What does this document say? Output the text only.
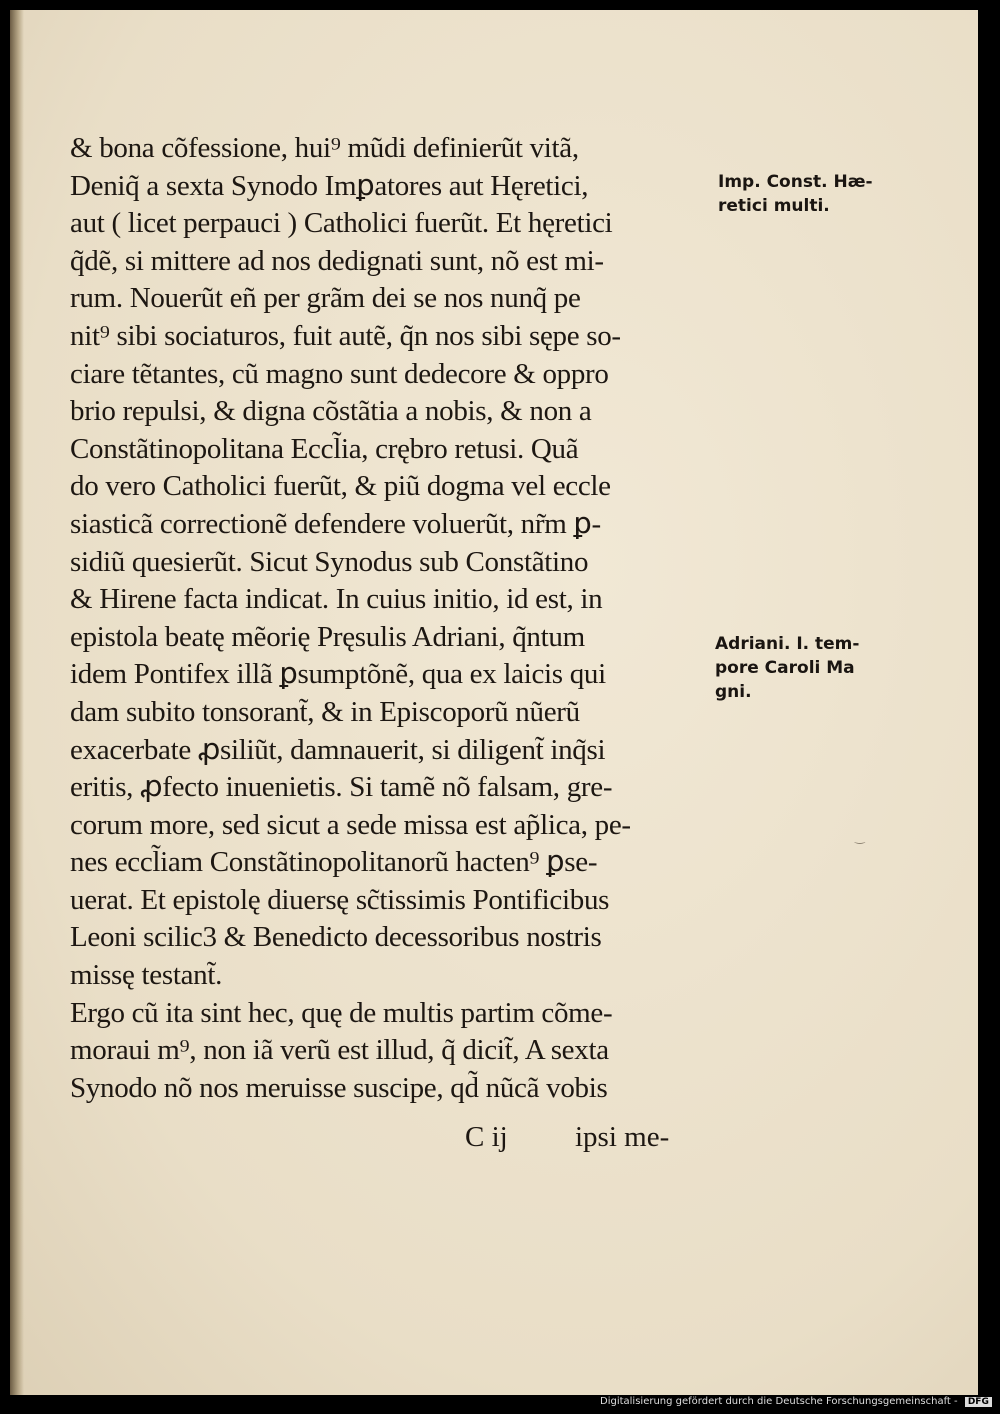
& bona cõfessione, hui⁹ mũdi definierũt vitã,
Deniq̃ a sexta Synodo Imꝑatores aut Hęretici,
aut ( licet perpauci ) Catholici fuerũt. Et hęretici
q̃dẽ, si mittere ad nos dedignati sunt, nõ est mi-
rum. Nouerũt eñ per grãm dei se nos nunq̃ pe
nit⁹ sibi sociaturos, fuit autẽ, q̃n nos sibi sępe so-
ciare tẽtantes, cũ magno sunt dedecore & oppro
brio repulsi, & digna cõstãtia a nobis, & non a
Constãtinopolitana Eccl̃ia, crębro retusi. Quã
do vero Catholici fuerũt, & piũ dogma vel eccle
siasticã correctionẽ defendere voluerũt, nr̃m ꝑ-
sidiũ quesierũt. Sicut Synodus sub Constãtino
& Hirene facta indicat. In cuius initio, id est, in
epistola beatę mẽorię Pręsulis Adriani, q̃ntum
idem Pontifex illã ꝑsumptõnẽ, qua ex laicis qui
dam subito tonsorant̃, & in Episcoporũ nũerũ
exacerbate ꝓsiliũt, damnauerit, si diligent̃ inq̃si
eritis, ꝓfecto inuenietis. Si tamẽ nõ falsam, gre-
corum more, sed sicut a sede missa est ap̃lica, pe-
nes eccl̃iam Constãtinopolitanorũ hacten⁹ ꝑse-
uerat. Et epistolę diuersę sc̃tissimis Pontificibus
Leoni scilic3 & Benedicto decessoribus nostris
missę testant̃.
Ergo cũ ita sint hec, quę de multis partim cõme-
moraui m⁹, non iã verũ est illud, q̃ dicit̃, A sexta
Synodo nõ nos meruisse suscipe, qd̃ nũcã vobis
C ij ipsi me-
Imp. Const. Hæ-
retici multi.
Adriani. I. tem-
pore Caroli Ma
gni.
‿
Digitalisierung gefördert durch die Deutsche Forschungsgemeinschaft - DFG
